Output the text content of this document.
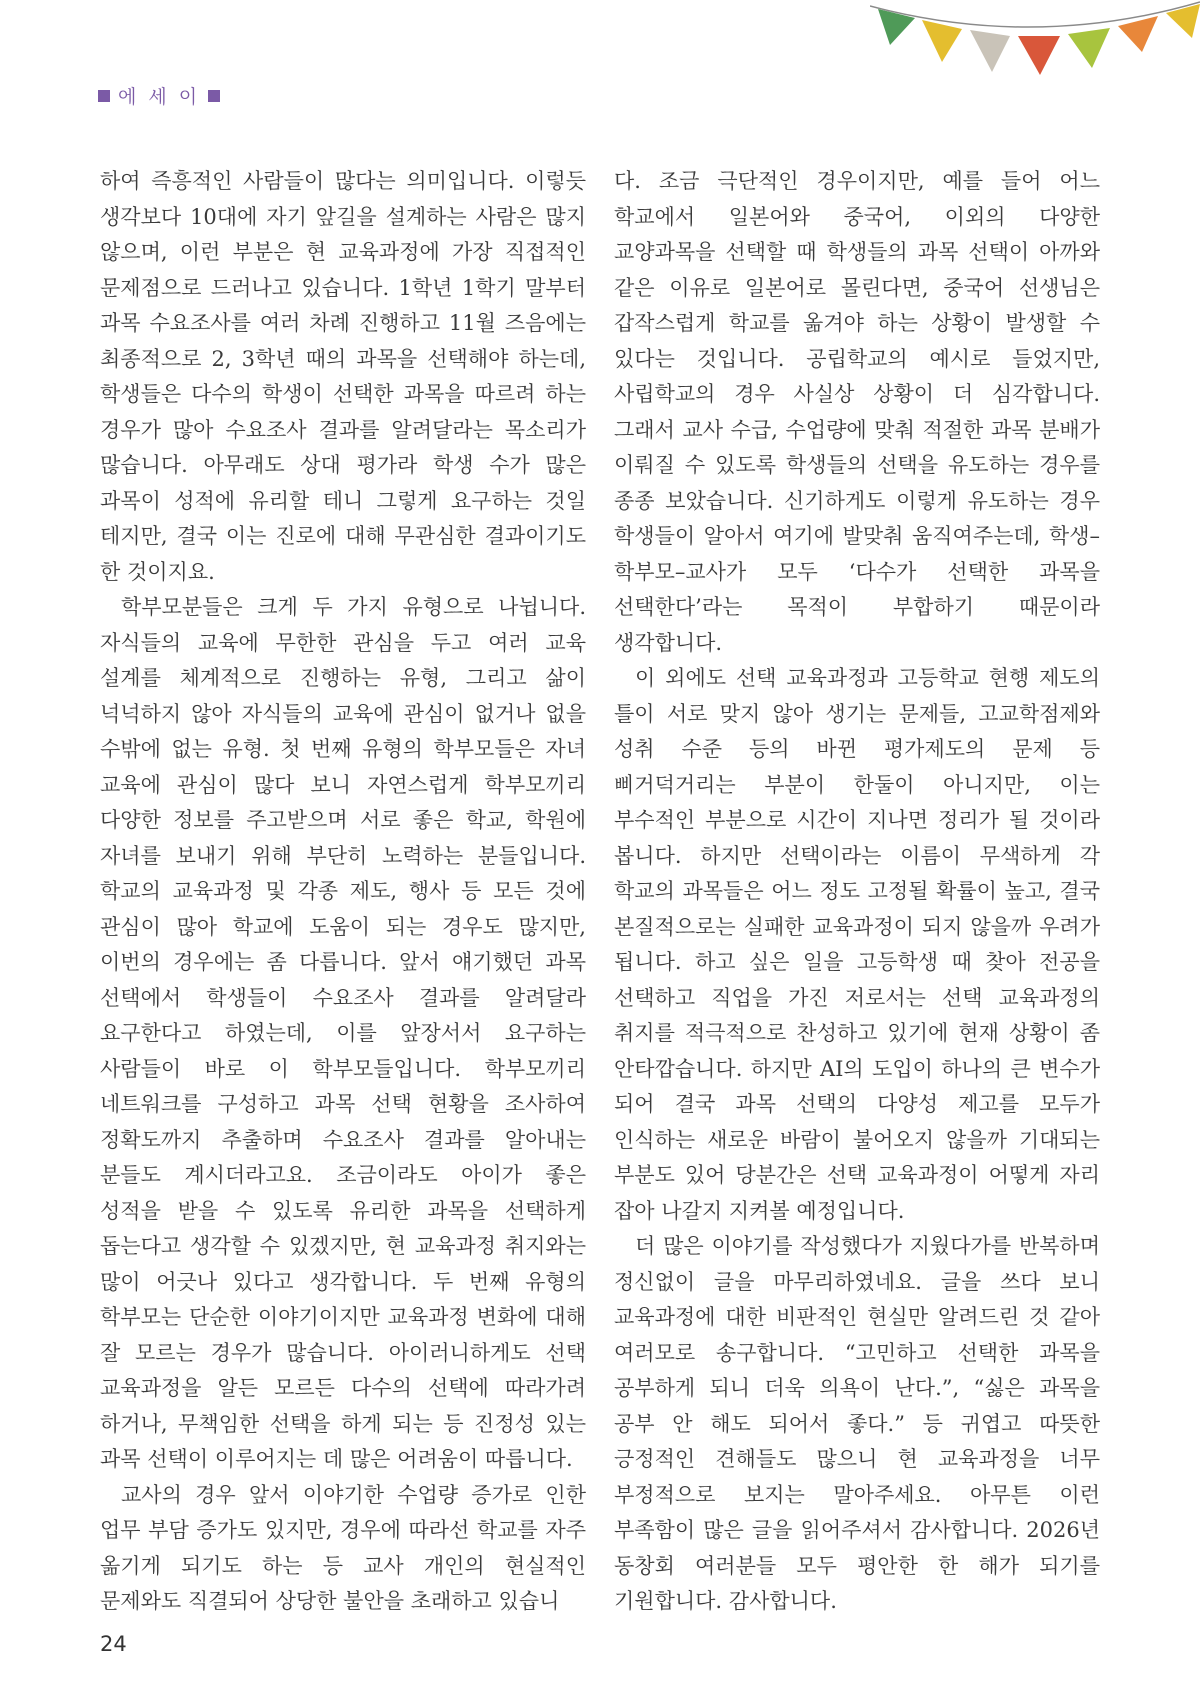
에 세 이

하여 즉흥적인 사람들이 많다는 의미입니다. 이렇듯 생각보다 10대에 자기 앞길을 설계하는 사람은 많지 않으며, 이런 부분은 현 교육과정에 가장 직접적인 문제점으로 드러나고 있습니다. 1학년 1학기 말부터 과목 수요조사를 여러 차례 진행하고 11월 즈음에는 최종적으로 2, 3학년 때의 과목을 선택해야 하는데, 학생들은 다수의 학생이 선택한 과목을 따르려 하는 경우가 많아 수요조사 결과를 알려달라는 목소리가 많습니다. 아무래도 상대 평가라 학생 수가 많은 과목이 성적에 유리할 테니 그렇게 요구하는 것일 테지만, 결국 이는 진로에 대해 무관심한 결과이기도 한 것이지요.

학부모분들은 크게 두 가지 유형으로 나뉩니다. 자식들의 교육에 무한한 관심을 두고 여러 교육 설계를 체계적으로 진행하는 유형, 그리고 삶이 넉넉하지 않아 자식들의 교육에 관심이 없거나 없을 수밖에 없는 유형. 첫 번째 유형의 학부모들은 자녀 교육에 관심이 많다 보니 자연스럽게 학부모끼리 다양한 정보를 주고받으며 서로 좋은 학교, 학원에 자녀를 보내기 위해 부단히 노력하는 분들입니다. 학교의 교육과정 및 각종 제도, 행사 등 모든 것에 관심이 많아 학교에 도움이 되는 경우도 많지만, 이번의 경우에는 좀 다릅니다. 앞서 얘기했던 과목 선택에서 학생들이 수요조사 결과를 알려달라 요구한다고 하였는데, 이를 앞장서서 요구하는 사람들이 바로 이 학부모들입니다. 학부모끼리 네트워크를 구성하고 과목 선택 현황을 조사하여 정확도까지 추출하며 수요조사 결과를 알아내는 분들도 계시더라고요. 조금이라도 아이가 좋은 성적을 받을 수 있도록 유리한 과목을 선택하게 돕는다고 생각할 수 있겠지만, 현 교육과정 취지와는 많이 어긋나 있다고 생각합니다. 두 번째 유형의 학부모는 단순한 이야기이지만 교육과정 변화에 대해 잘 모르는 경우가 많습니다. 아이러니하게도 선택 교육과정을 알든 모르든 다수의 선택에 따라가려 하거나, 무책임한 선택을 하게 되는 등 진정성 있는 과목 선택이 이루어지는 데 많은 어려움이 따릅니다.

교사의 경우 앞서 이야기한 수업량 증가로 인한 업무 부담 증가도 있지만, 경우에 따라선 학교를 자주 옮기게 되기도 하는 등 교사 개인의 현실적인 문제와도 직결되어 상당한 불안을 초래하고 있습니

다. 조금 극단적인 경우이지만, 예를 들어 어느 학교에서 일본어와 중국어, 이외의 다양한 교양과목을 선택할 때 학생들의 과목 선택이 아까와 같은 이유로 일본어로 몰린다면, 중국어 선생님은 갑작스럽게 학교를 옮겨야 하는 상황이 발생할 수 있다는 것입니다. 공립학교의 예시로 들었지만, 사립학교의 경우 사실상 상황이 더 심각합니다. 그래서 교사 수급, 수업량에 맞춰 적절한 과목 분배가 이뤄질 수 있도록 학생들의 선택을 유도하는 경우를 종종 보았습니다. 신기하게도 이렇게 유도하는 경우 학생들이 알아서 여기에 발맞춰 움직여주는데, 학생–학부모–교사가 모두 ‘다수가 선택한 과목을 선택한다’라는 목적이 부합하기 때문이라 생각합니다.

이 외에도 선택 교육과정과 고등학교 현행 제도의 틀이 서로 맞지 않아 생기는 문제들, 고교학점제와 성취 수준 등의 바뀐 평가제도의 문제 등 삐거덕거리는 부분이 한둘이 아니지만, 이는 부수적인 부분으로 시간이 지나면 정리가 될 것이라 봅니다. 하지만 선택이라는 이름이 무색하게 각 학교의 과목들은 어느 정도 고정될 확률이 높고, 결국 본질적으로는 실패한 교육과정이 되지 않을까 우려가 됩니다. 하고 싶은 일을 고등학생 때 찾아 전공을 선택하고 직업을 가진 저로서는 선택 교육과정의 취지를 적극적으로 찬성하고 있기에 현재 상황이 좀 안타깝습니다. 하지만 AI의 도입이 하나의 큰 변수가 되어 결국 과목 선택의 다양성 제고를 모두가 인식하는 새로운 바람이 불어오지 않을까 기대되는 부분도 있어 당분간은 선택 교육과정이 어떻게 자리 잡아 나갈지 지켜볼 예정입니다.

더 많은 이야기를 작성했다가 지웠다가를 반복하며 정신없이 글을 마무리하였네요. 글을 쓰다 보니 교육과정에 대한 비판적인 현실만 알려드린 것 같아 여러모로 송구합니다. “고민하고 선택한 과목을 공부하게 되니 더욱 의욕이 난다.”, “싫은 과목을 공부 안 해도 되어서 좋다.” 등 귀엽고 따뜻한 긍정적인 견해들도 많으니 현 교육과정을 너무 부정적으로 보지는 말아주세요. 아무튼 이런 부족함이 많은 글을 읽어주셔서 감사합니다. 2026년 동창회 여러분들 모두 평안한 한 해가 되기를 기원합니다. 감사합니다.

24
